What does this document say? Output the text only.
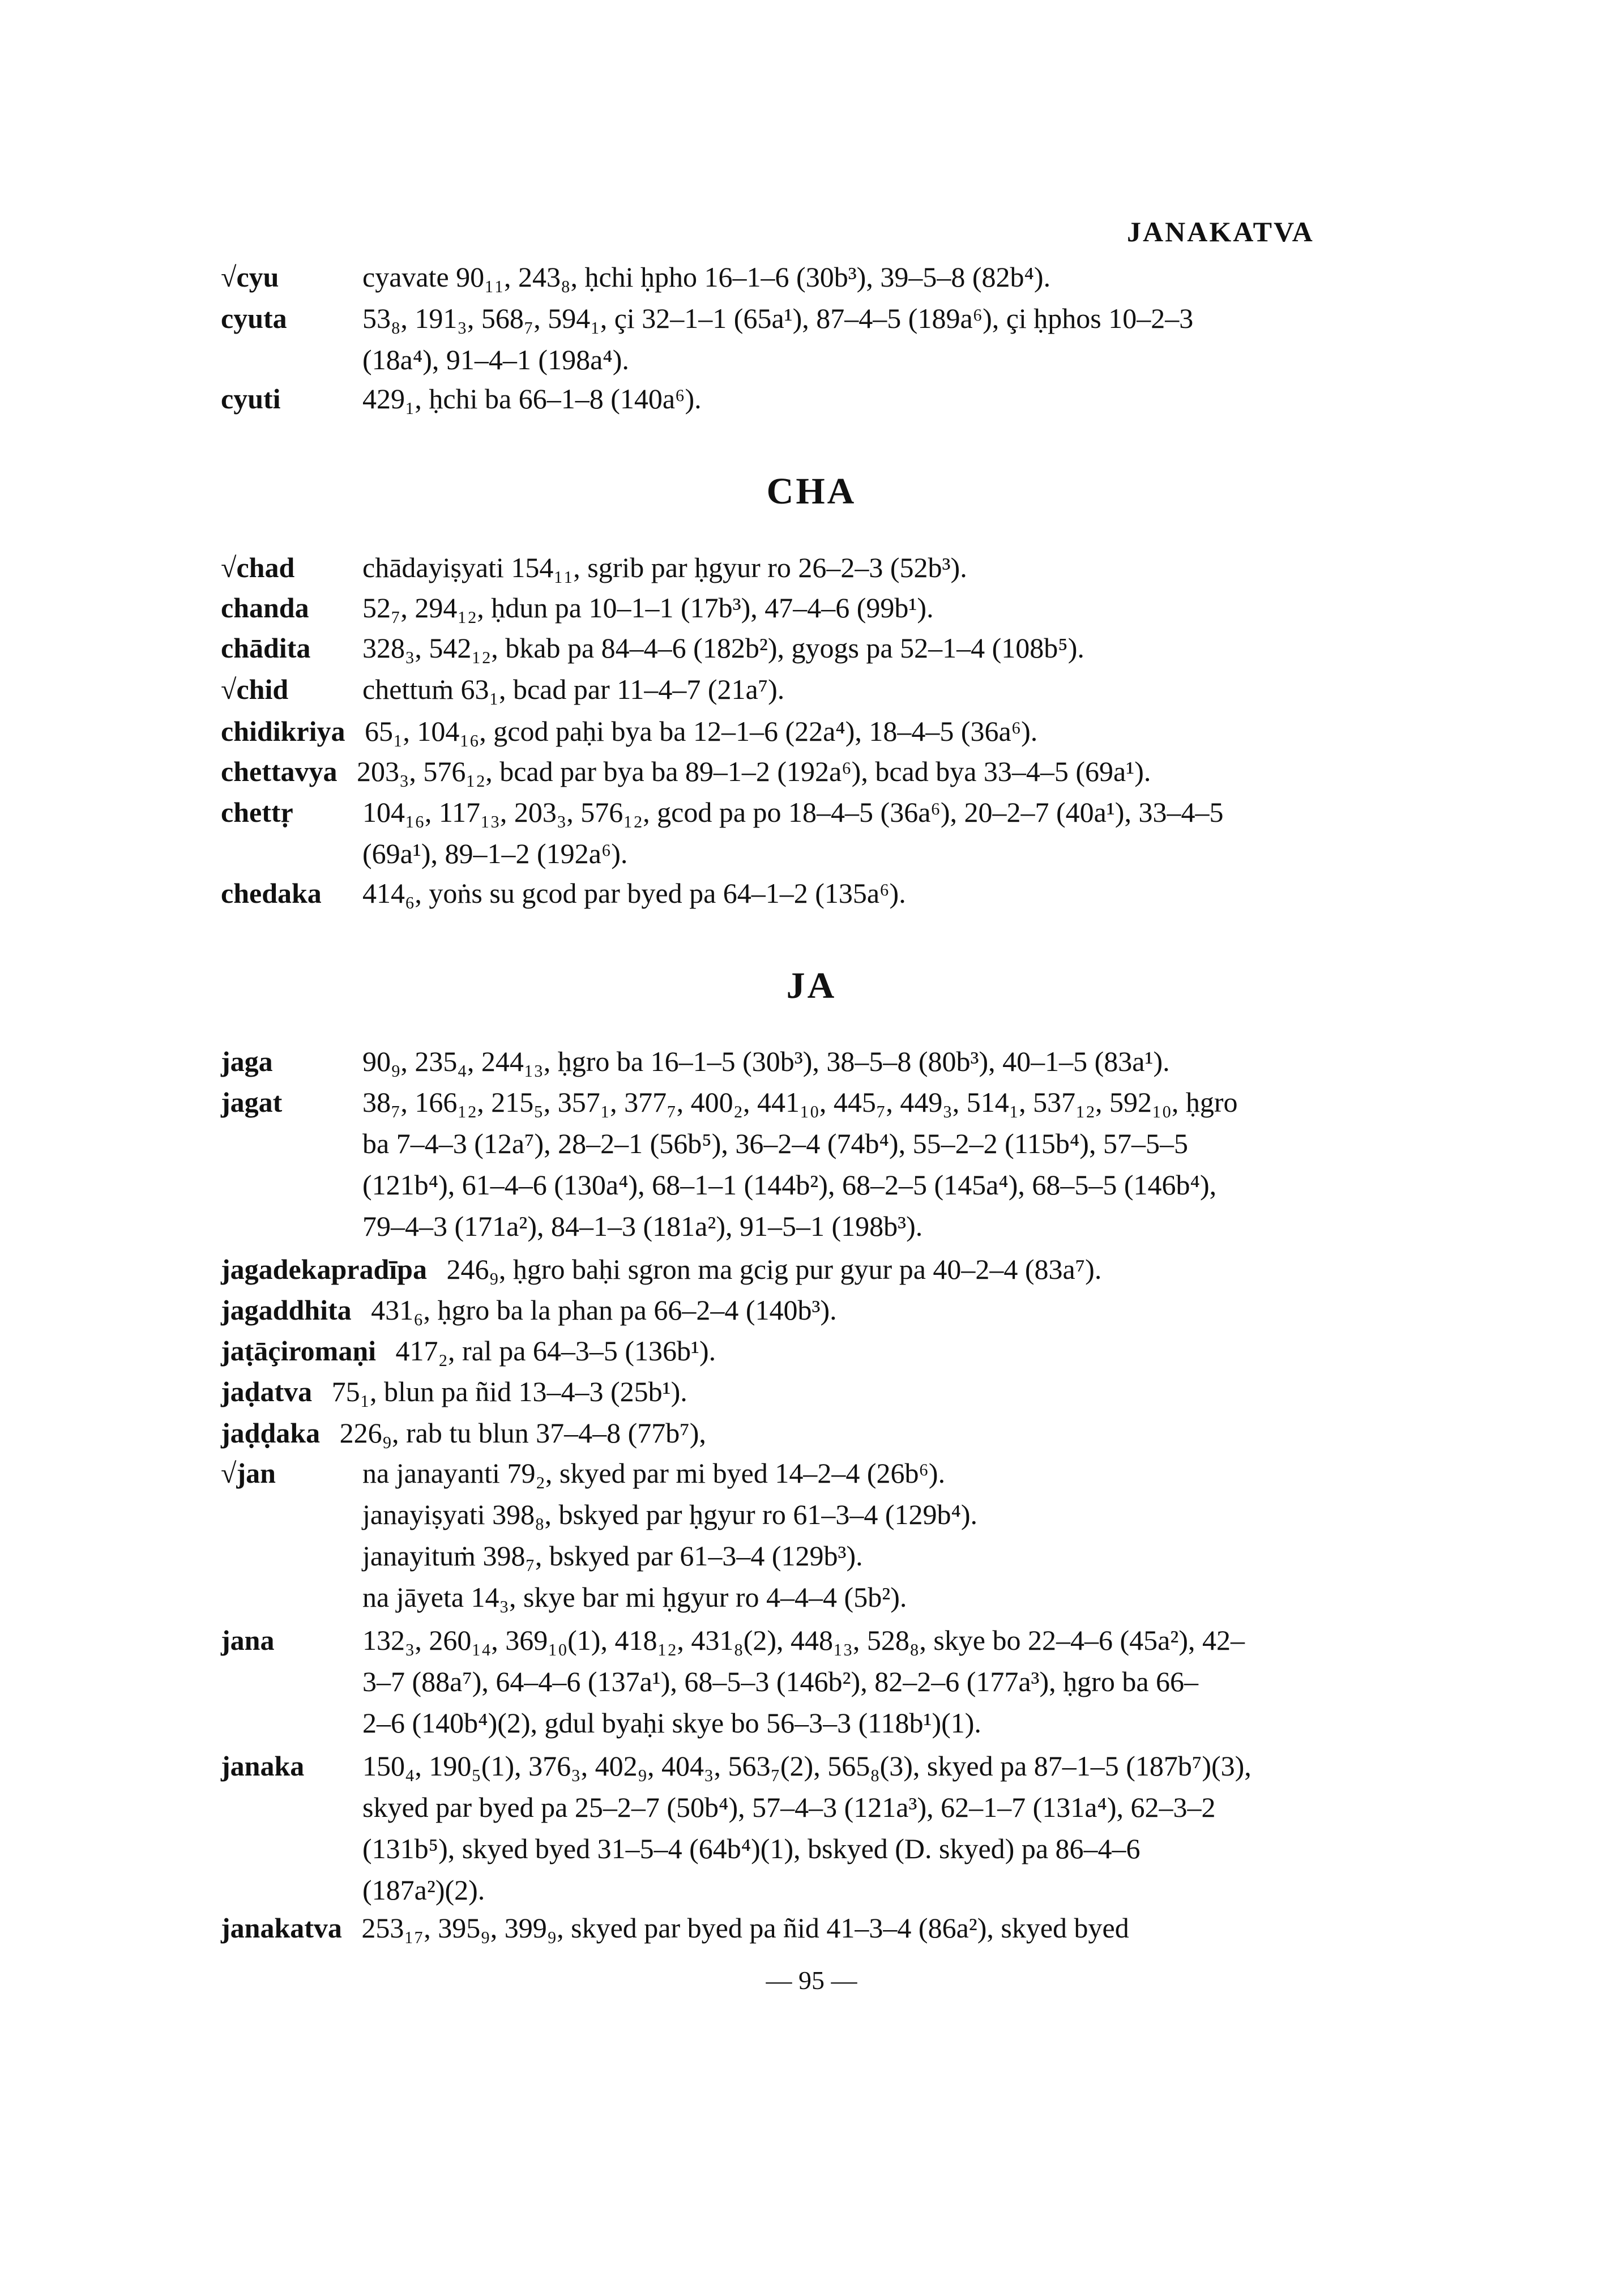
JANAKATVA
√cyu	cyavate 90₁₁, 243₈, ḥchi ḥpho 16–1–6 (30b³), 39–5–8 (82b⁴).
cyuta	53₈, 191₃, 568₇, 594₁, çi 32–1–1 (65a¹), 87–4–5 (189a⁶), çi ḥphos 10–2–3
(18a⁴), 91–4–1 (198a⁴).
cyuti	429₁, ḥchi ba 66–1–8 (140a⁶).
CHA
√chad chādayiṣyati 154₁₁, sgrib par ḥgyur ro 26–2–3 (52b³).
chanda 52₇, 294₁₂, ḥdun pa 10–1–1 (17b³), 47–4–6 (99b¹).
chādita 328₃, 542₁₂, bkab pa 84–4–6 (182b²), gyogs pa 52–1–4 (108b⁵).
√chid	chettuṁ 63₁, bcad par 11–4–7 (21a⁷).
chidikriya 65₁, 104₁₆, gcod paḥi bya ba 12–1–6 (22a⁴), 18–4–5 (36a⁶).
chettavya 203₃, 576₁₂, bcad par bya ba 89–1–2 (192a⁶), bcad bya 33–4–5 (69a¹).
chettṛ 104₁₆, 117₁₃, 203₃, 576₁₂, gcod pa po 18–4–5 (36a⁶), 20–2–7 (40a¹), 33–4–5
(69a¹), 89–1–2 (192a⁶).
chedaka 414₆, yoṅs su gcod par byed pa 64–1–2 (135a⁶).
JA
jaga	90₉, 235₄, 244₁₃, ḥgro ba 16–1–5 (30b³), 38–5–8 (80b³), 40–1–5 (83a¹).
jagat	38₇, 166₁₂, 215₅, 357₁, 377₇, 400₂, 441₁₀, 445₇, 449₃, 514₁, 537₁₂, 592₁₀, ḥgro
ba 7–4–3 (12a⁷), 28–2–1 (56b⁵), 36–2–4 (74b⁴), 55–2–2 (115b⁴), 57–5–5
(121b⁴), 61–4–6 (130a⁴), 68–1–1 (144b²), 68–2–5 (145a⁴), 68–5–5 (146b⁴),
79–4–3 (171a²), 84–1–3 (181a²), 91–5–1 (198b³).
jagadekapradīpa 246₉, ḥgro baḥi sgron ma gcig pur gyur pa 40–2–4 (83a⁷).
jagaddhita 431₆, ḥgro ba la phan pa 66–2–4 (140b³).
jaṭāçiromaṇi 417₂, ral pa 64–3–5 (136b¹).
jaḍatva 75₁, blun pa ñid 13–4–3 (25b¹).
jaḍḍaka 226₉, rab tu blun 37–4–8 (77b⁷),
√jan	na janayanti 79₂, skyed par mi byed 14–2–4 (26b⁶).
janayiṣyati 398₈, bskyed par ḥgyur ro 61–3–4 (129b⁴).
janayituṁ 398₇, bskyed par 61–3–4 (129b³).
na jāyeta 14₃, skye bar mi ḥgyur ro 4–4–4 (5b²).
jana	132₃, 260₁₄, 369₁₀(1), 418₁₂, 431₈(2), 448₁₃, 528₈, skye bo 22–4–6 (45a²), 42–
3–7 (88a⁷), 64–4–6 (137a¹), 68–5–3 (146b²), 82–2–6 (177a³), ḥgro ba 66–
2–6 (140b⁴)(2), gdul byaḥi skye bo 56–3–3 (118b¹)(1).
janaka 150₄, 190₅(1), 376₃, 402₉, 404₃, 563₇(2), 565₈(3), skyed pa 87–1–5 (187b⁷)(3),
skyed par byed pa 25–2–7 (50b⁴), 57–4–3 (121a³), 62–1–7 (131a⁴), 62–3–2
(131b⁵), skyed byed 31–5–4 (64b⁴)(1), bskyed (D. skyed) pa 86–4–6
(187a²)(2).
janakatva 253₁₇, 395₉, 399₉, skyed par byed pa ñid 41–3–4 (86a²), skyed byed
— 95 —
